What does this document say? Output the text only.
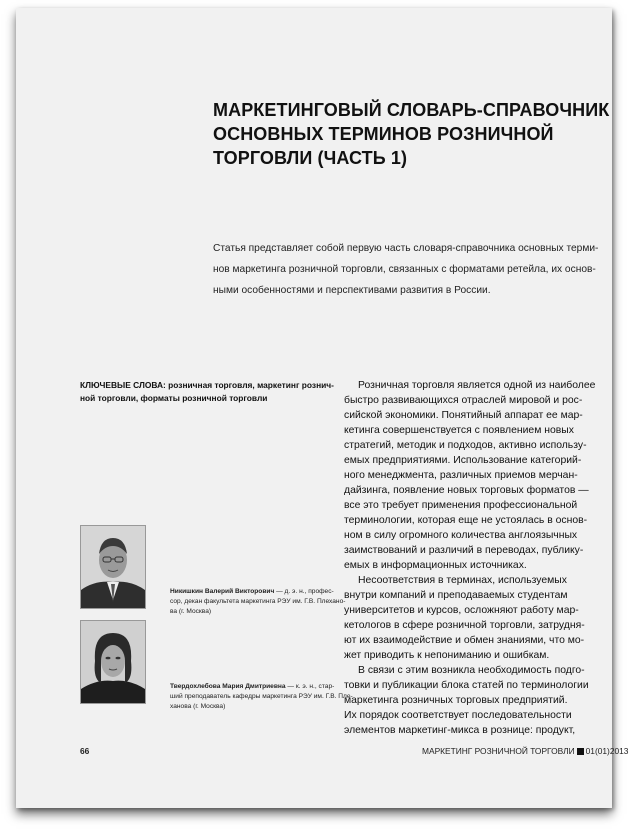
МАРКЕТИНГОВЫЙ СЛОВАРЬ-СПРАВОЧНИК
ОСНОВНЫХ ТЕРМИНОВ РОЗНИЧНОЙ
ТОРГОВЛИ (ЧАСТЬ 1)
Статья представляет собой первую часть словаря-справочника основных терми-
нов маркетинга розничной торговли, связанных с форматами ретейла, их основ-
ными особенностями и перспективами развития в России.
КЛЮЧЕВЫЕ СЛОВА: розничная торговля, маркетинг рознич-
ной торговли, форматы розничной торговли
Розничная торговля является одной из наиболее
быстро развивающихся отраслей мировой и рос-
сийской экономики. Понятийный аппарат ее мар-
кетинга совершенствуется с появлением новых
стратегий, методик и подходов, активно использу-
емых предприятиями. Использование категорий-
ного менеджмента, различных приемов мерчан-
дайзинга, появление новых торговых форматов —
все это требует применения профессиональной
терминологии, которая еще не устоялась в основ-
ном в силу огромного количества англоязычных
заимствований и различий в переводах, публику-
емых в информационных источниках.
Несоответствия в терминах, используемых
внутри компаний и преподаваемых студентам
университетов и курсов, осложняют работу мар-
кетологов в сфере розничной торговли, затрудня-
ют их взаимодействие и обмен знаниями, что мо-
жет приводить к непониманию и ошибкам.
В связи с этим возникла необходимость подго-
товки и публикации блока статей по терминологии
маркетинга розничных торговых предприятий.
Их порядок соответствует последовательности
элементов маркетинг-микса в рознице: продукт,
Никишкин Валерий Викторович — д. э. н., профес-
сор, декан факультета маркетинга РЭУ им. Г.В. Плехано-
ва (г. Москва)
Твердохлебова Мария Дмитриевна — к. э. н., стар-
ший преподаватель кафедры маркетинга РЭУ им. Г.В. Пле-
ханова (г. Москва)
66	МАРКЕТИНГ РОЗНИЧНОЙ ТОРГОВЛИ 01(01)2013
